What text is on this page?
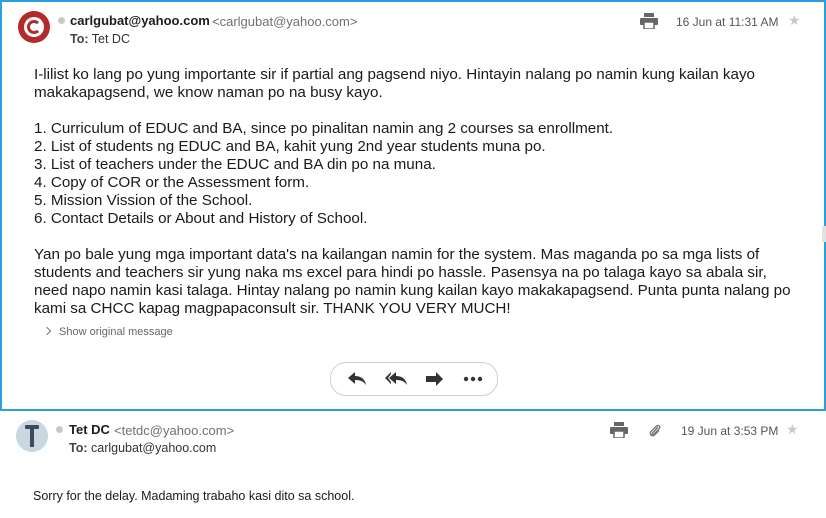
carlgubat@yahoo.com <carlgubat@yahoo.com>
To: Tet DC
16 Jun at 11:31 AM ★

I-lilist ko lang po yung importante sir if partial ang pagsend niyo. Hintayin nalang po namin kung kailan kayo makakapagsend, we know naman po na busy kayo.

1. Curriculum of EDUC and BA, since po pinalitan namin ang 2 courses sa enrollment.

2. List of students ng EDUC and BA, kahit yung 2nd year students muna po.

3. List of teachers under the EDUC and BA din po na muna.

4. Copy of COR or the Assessment form.

5. Mission Vission of the School.

6. Contact Details or About and History of School.

Yan po bale yung mga important data's na kailangan namin for the system. Mas maganda po sa mga lists of students and teachers sir yung naka ms excel para hindi po hassle. Pasensya na po talaga kayo sa abala sir, need napo namin kasi talaga. Hintay nalang po namin kung kailan kayo makakapagsend. Punta punta nalang po kami sa CHCC kapag magpapaconsult sir. THANK YOU VERY MUCH!

Show original message
Tet DC <tetdc@yahoo.com>
To: carlgubat@yahoo.com
19 Jun at 3:53 PM ★
Sorry for the delay. Madaming trabaho kasi dito sa school.
